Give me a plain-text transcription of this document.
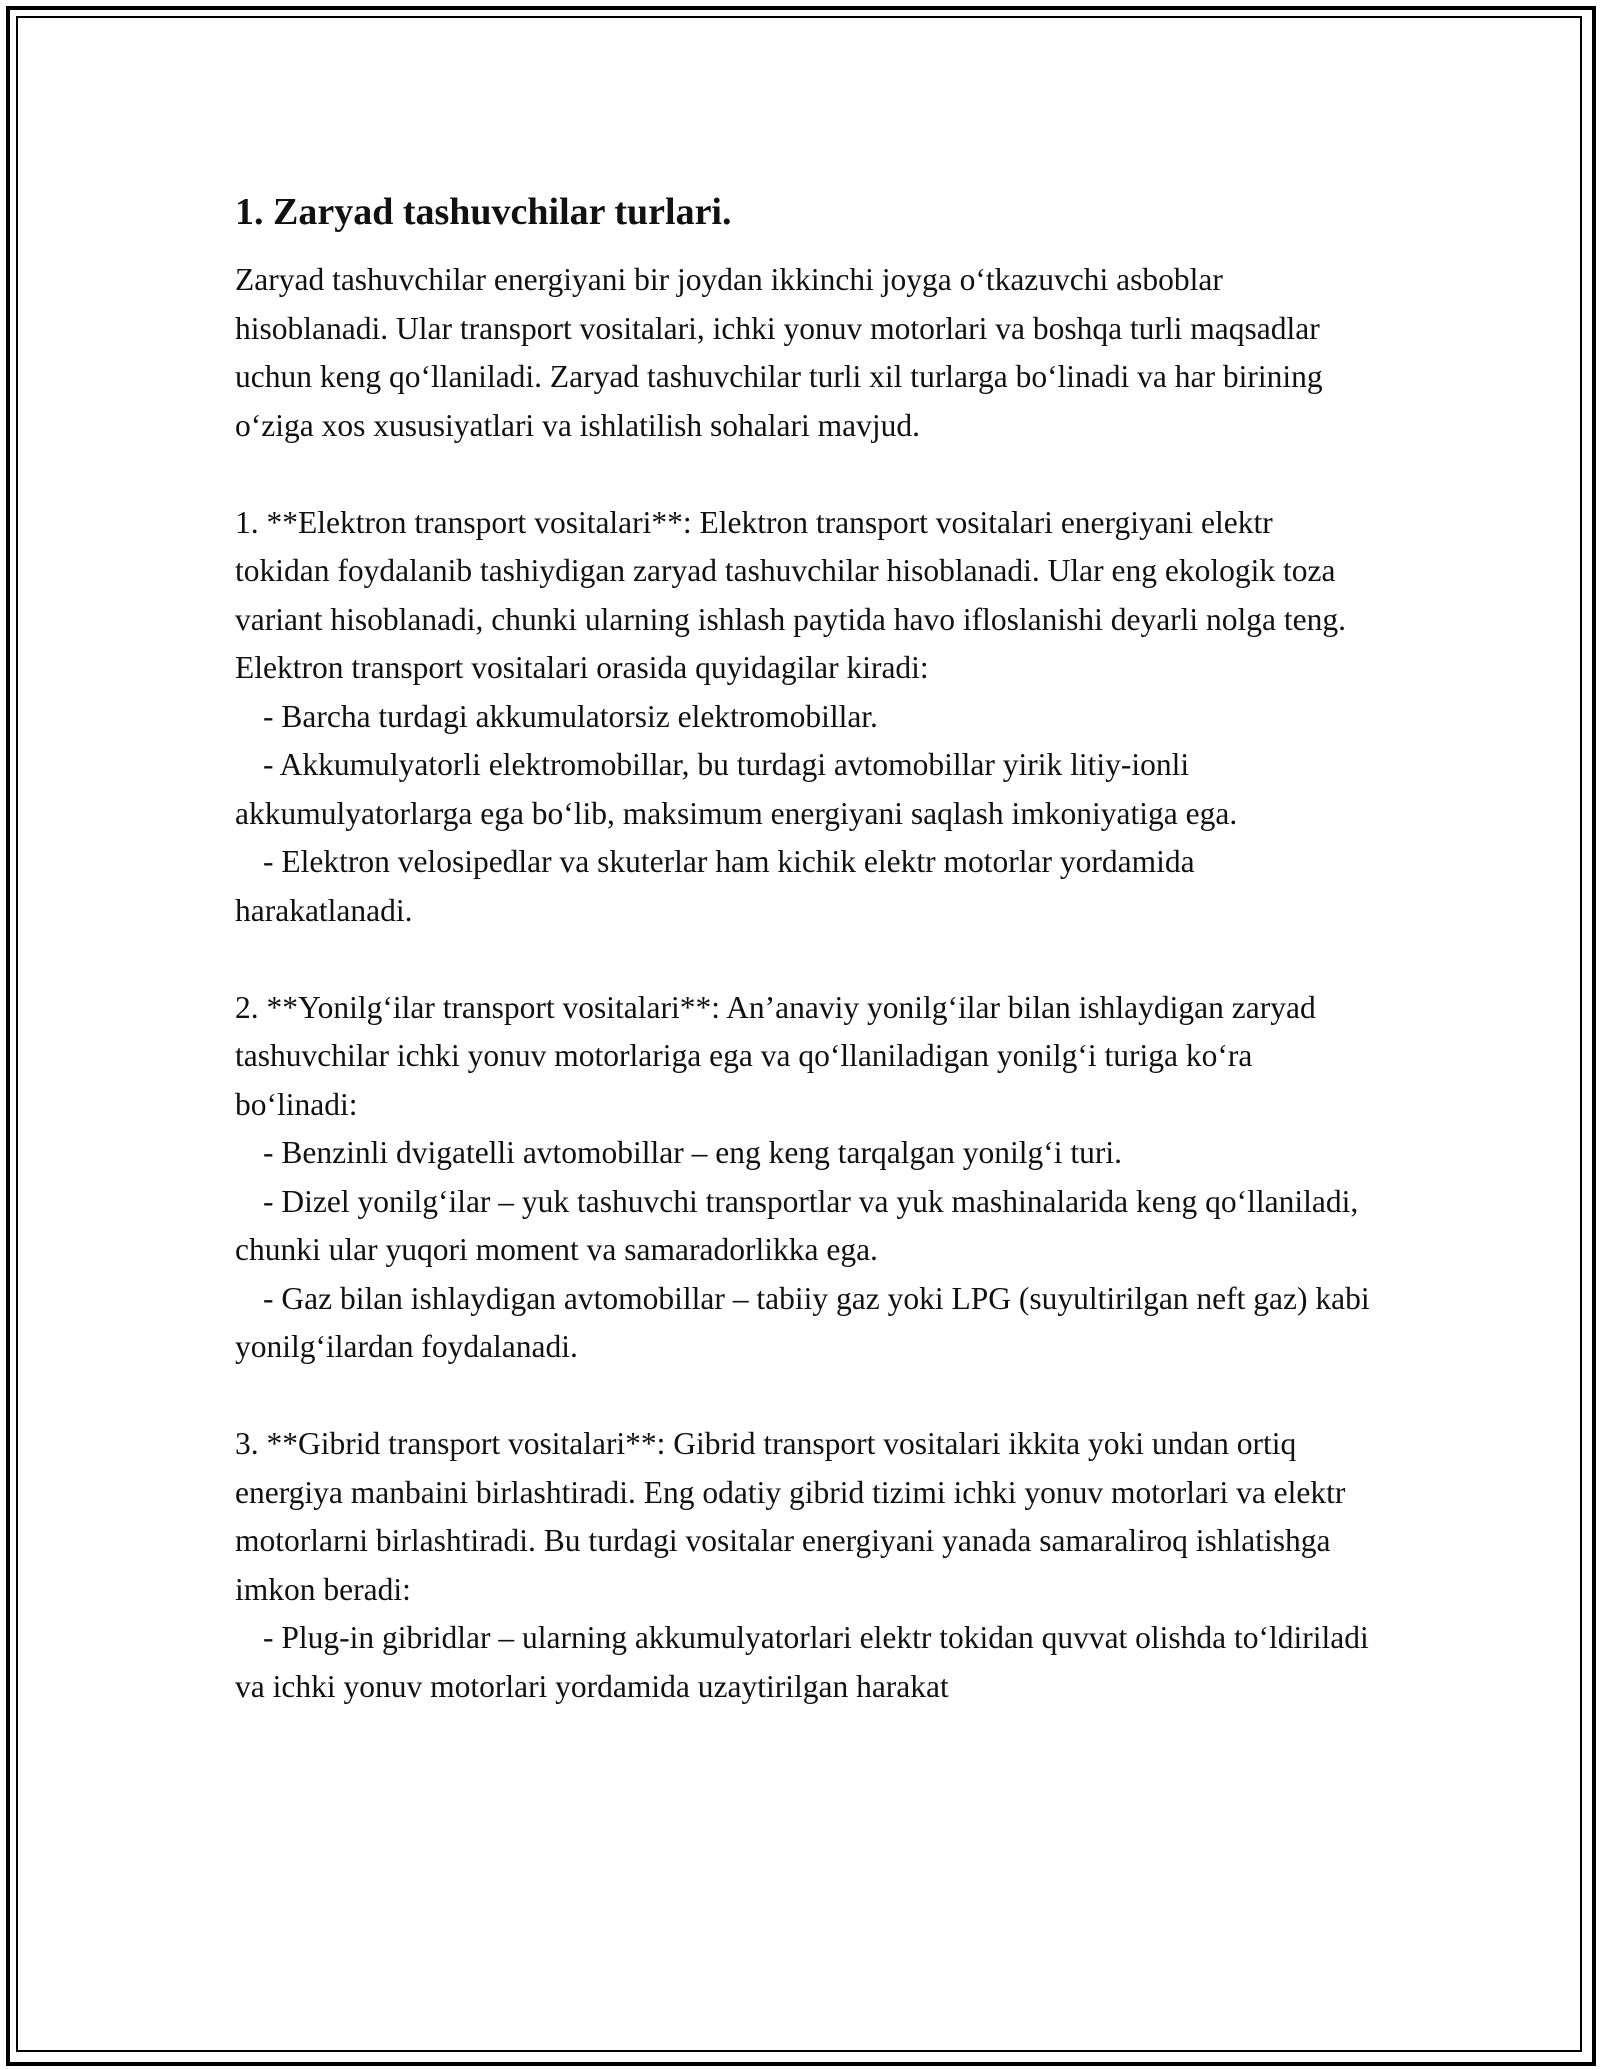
1. Zaryad tashuvchilar turlari.

Zaryad tashuvchilar energiyani bir joydan ikkinchi joyga o‘tkazuvchi asboblar hisoblanadi. Ular transport vositalari, ichki yonuv motorlari va boshqa turli maqsadlar uchun keng qo‘llaniladi. Zaryad tashuvchilar turli xil turlarga bo‘linadi va har birining o‘ziga xos xususiyatlari va ishlatilish sohalari mavjud.

1. **Elektron transport vositalari**: Elektron transport vositalari energiyani elektr tokidan foydalanib tashiydigan zaryad tashuvchilar hisoblanadi. Ular eng ekologik toza variant hisoblanadi, chunki ularning ishlash paytida havo ifloslanishi deyarli nolga teng. Elektron transport vositalari orasida quyidagilar kiradi:

- Barcha turdagi akkumulatorsiz elektromobillar.

- Akkumulyatorli elektromobillar, bu turdagi avtomobillar yirik litiy-ionli akkumulyatorlarga ega bo‘lib, maksimum energiyani saqlash imkoniyatiga ega.

- Elektron velosipedlar va skuterlar ham kichik elektr motorlar yordamida harakatlanadi.

2. **Yonilg‘ilar transport vositalari**: An’anaviy yonilg‘ilar bilan ishlaydigan zaryad tashuvchilar ichki yonuv motorlariga ega va qo‘llaniladigan yonilg‘i turiga ko‘ra bo‘linadi:

- Benzinli dvigatelli avtomobillar – eng keng tarqalgan yonilg‘i turi.

- Dizel yonilg‘ilar – yuk tashuvchi transportlar va yuk mashinalarida keng qo‘llaniladi, chunki ular yuqori moment va samaradorlikka ega.

- Gaz bilan ishlaydigan avtomobillar – tabiiy gaz yoki LPG (suyultirilgan neft gaz) kabi yonilg‘ilardan foydalanadi.

3. **Gibrid transport vositalari**: Gibrid transport vositalari ikkita yoki undan ortiq energiya manbaini birlashtiradi. Eng odatiy gibrid tizimi ichki yonuv motorlari va elektr motorlarni birlashtiradi. Bu turdagi vositalar energiyani yanada samaraliroq ishlatishga imkon beradi:

- Plug-in gibridlar – ularning akkumulyatorlari elektr tokidan quvvat olishda to‘ldiriladi va ichki yonuv motorlari yordamida uzaytirilgan harakat
